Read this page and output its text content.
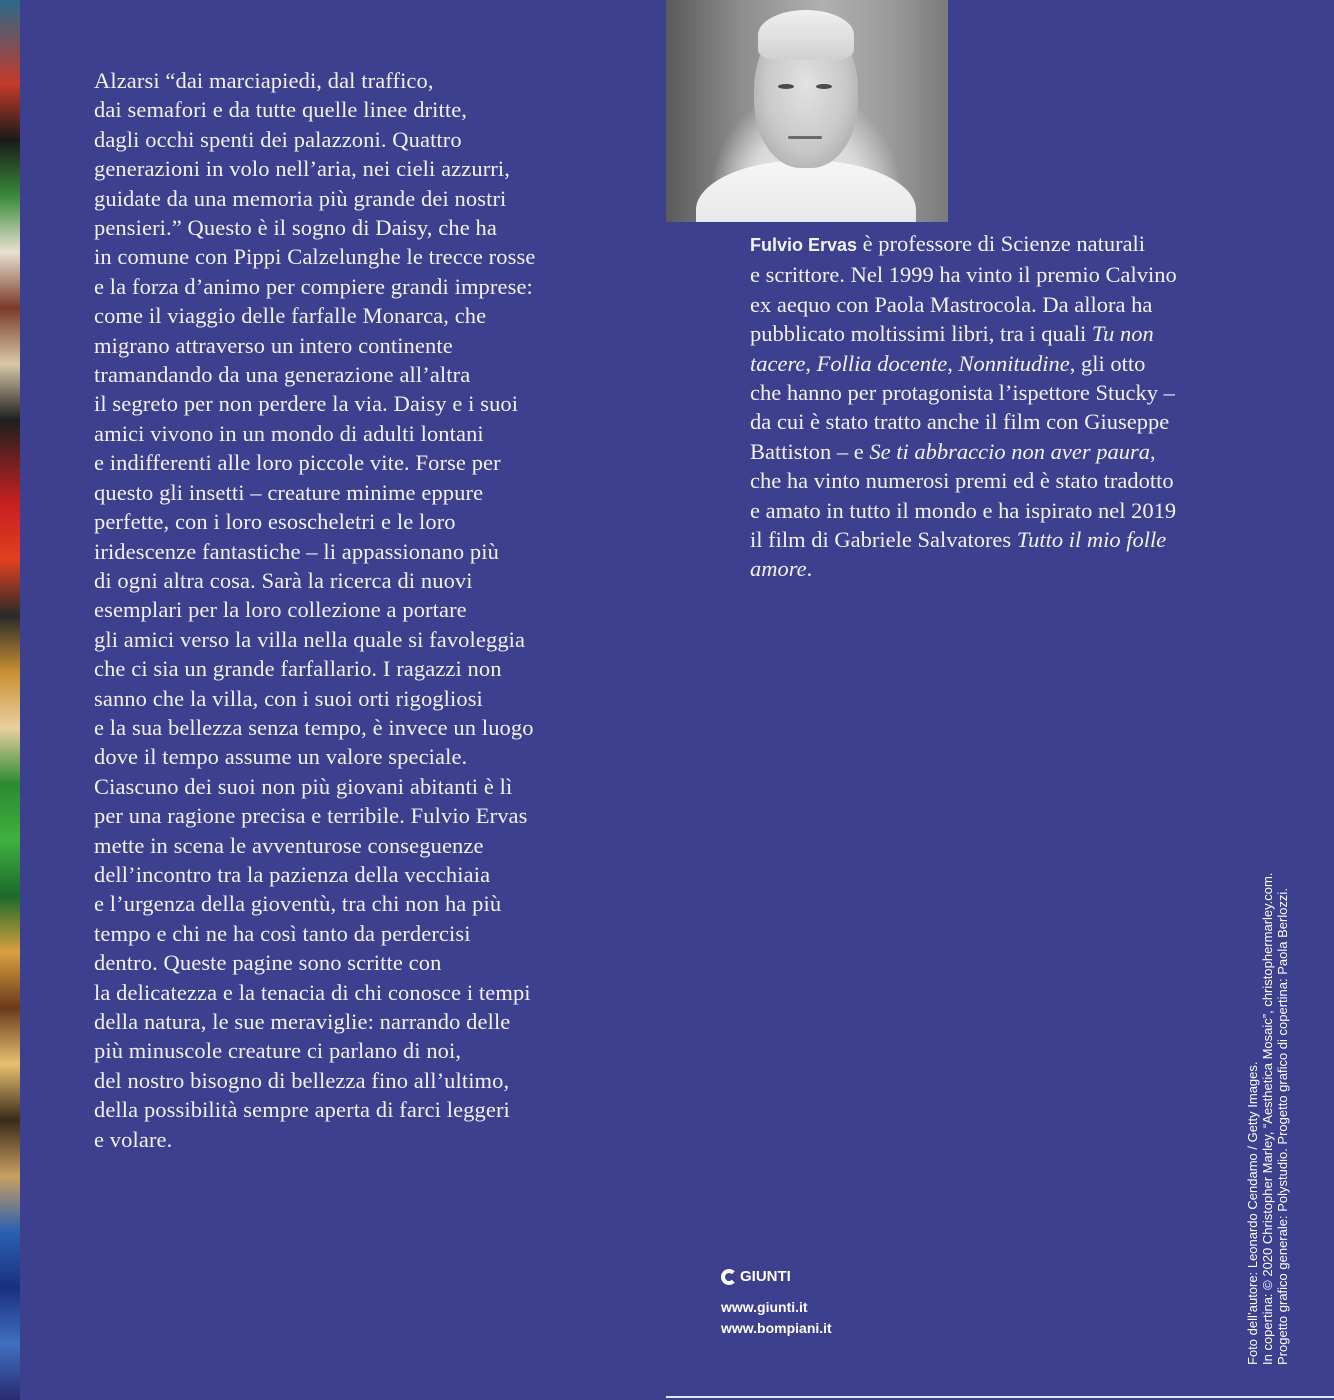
Alzarsi “dai marciapiedi, dal traffico,
dai semafori e da tutte quelle linee dritte,
dagli occhi spenti dei palazzoni. Quattro
generazioni in volo nell’aria, nei cieli azzurri,
guidate da una memoria più grande dei nostri
pensieri.” Questo è il sogno di Daisy, che ha
in comune con Pippi Calzelunghe le trecce rosse
e la forza d’animo per compiere grandi imprese:
come il viaggio delle farfalle Monarca, che
migrano attraverso un intero continente
tramandando da una generazione all’altra
il segreto per non perdere la via. Daisy e i suoi
amici vivono in un mondo di adulti lontani
e indifferenti alle loro piccole vite. Forse per
questo gli insetti – creature minime eppure
perfette, con i loro esoscheletri e le loro
iridescenze fantastiche – li appassionano più
di ogni altra cosa. Sarà la ricerca di nuovi
esemplari per la loro collezione a portare
gli amici verso la villa nella quale si favoleggia
che ci sia un grande farfallario. I ragazzi non
sanno che la villa, con i suoi orti rigogliosi
e la sua bellezza senza tempo, è invece un luogo
dove il tempo assume un valore speciale.
Ciascuno dei suoi non più giovani abitanti è lì
per una ragione precisa e terribile. Fulvio Ervas
mette in scena le avventurose conseguenze
dell’incontro tra la pazienza della vecchiaia
e l’urgenza della gioventù, tra chi non ha più
tempo e chi ne ha così tanto da perdercisi
dentro. Queste pagine sono scritte con
la delicatezza e la tenacia di chi conosce i tempi
della natura, le sue meraviglie: narrando delle
più minuscole creature ci parlano di noi,
del nostro bisogno di bellezza fino all’ultimo,
della possibilità sempre aperta di farci leggeri
e volare.
Fulvio Ervas è professore di Scienze naturali
e scrittore. Nel 1999 ha vinto il premio Calvino
ex aequo con Paola Mastrocola. Da allora ha
pubblicato moltissimi libri, tra i quali Tu non
tacere, Follia docente, Nonnitudine, gli otto
che hanno per protagonista l’ispettore Stucky –
da cui è stato tratto anche il film con Giuseppe
Battiston – e Se ti abbraccio non aver paura,
che ha vinto numerosi premi ed è stato tradotto
e amato in tutto il mondo e ha ispirato nel 2019
il film di Gabriele Salvatores Tutto il mio folle
amore.
GIUNTI
www.giunti.it
www.bompiani.it	Foto dell’autore: Leonardo Cendamo / Getty Images. In copertina: © 2020 Christopher Marley, “Aesthetica Mosaic”, christophermarley.com. Progetto grafico generale: Polystudio. Progetto grafico di copertina: Paola Berlozzi.
